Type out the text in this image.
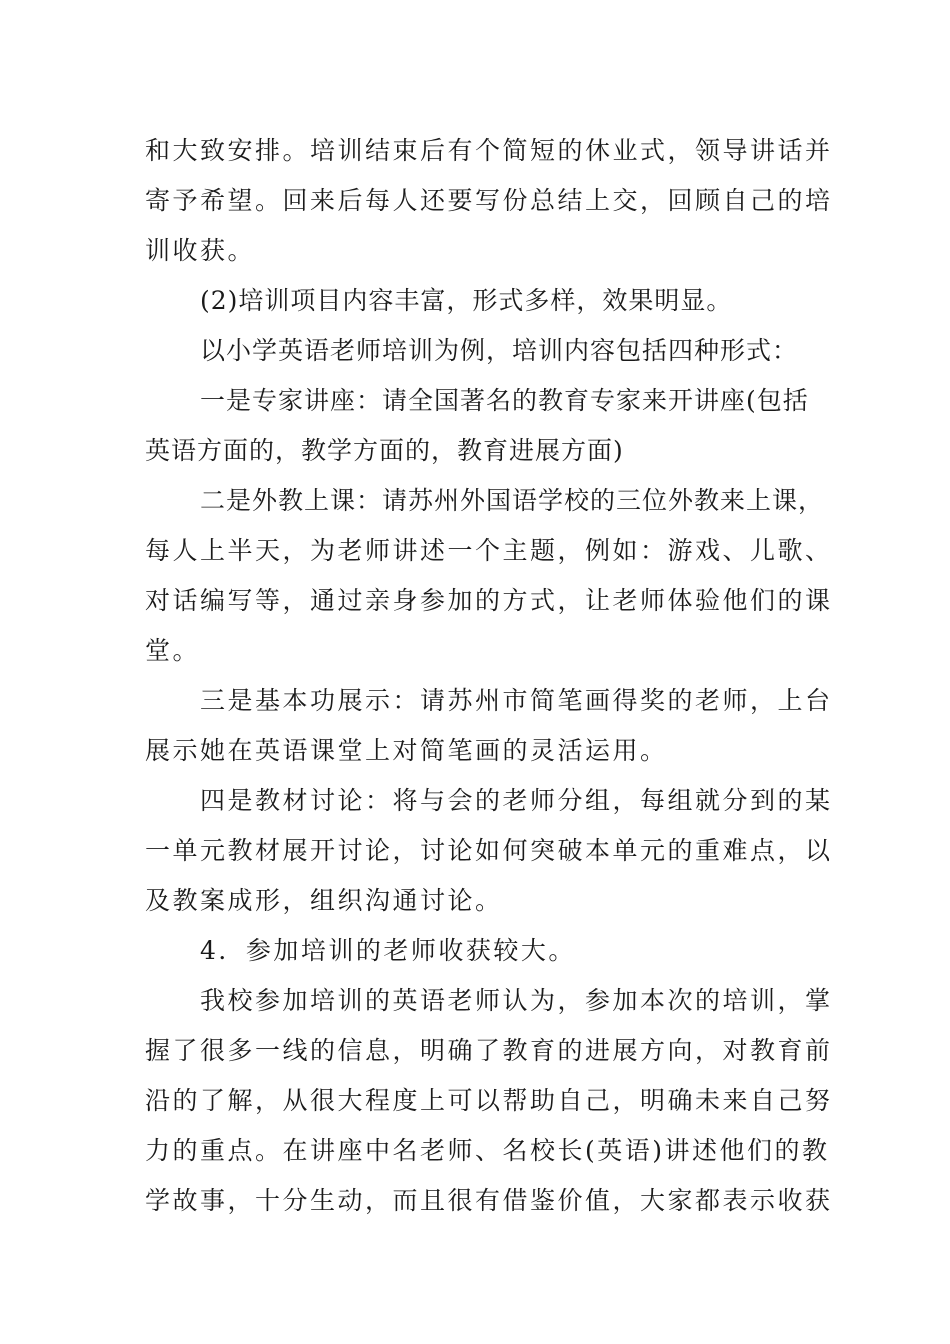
和大致安排。培训结束后有个简短的休业式，领导讲话并
寄予希望。回来后每人还要写份总结上交，回顾自己的培
训收获。
(2)培训项目内容丰富，形式多样，效果明显。
以小学英语老师培训为例，培训内容包括四种形式：
一是专家讲座：请全国著名的教育专家来开讲座(包括
英语方面的，教学方面的，教育进展方面)
二是外教上课：请苏州外国语学校的三位外教来上课，
每人上半天，为老师讲述一个主题，例如：游戏、儿歌、
对话编写等，通过亲身参加的方式，让老师体验他们的课
堂。
三是基本功展示：请苏州市简笔画得奖的老师，上台
展示她在英语课堂上对简笔画的灵活运用。
四是教材讨论：将与会的老师分组，每组就分到的某
一单元教材展开讨论，讨论如何突破本单元的重难点，以
及教案成形，组织沟通讨论。
4．参加培训的老师收获较大。
我校参加培训的英语老师认为，参加本次的培训，掌
握了很多一线的信息，明确了教育的进展方向，对教育前
沿的了解，从很大程度上可以帮助自己，明确未来自己努
力的重点。在讲座中名老师、名校长(英语)讲述他们的教
学故事，十分生动，而且很有借鉴价值，大家都表示收获
